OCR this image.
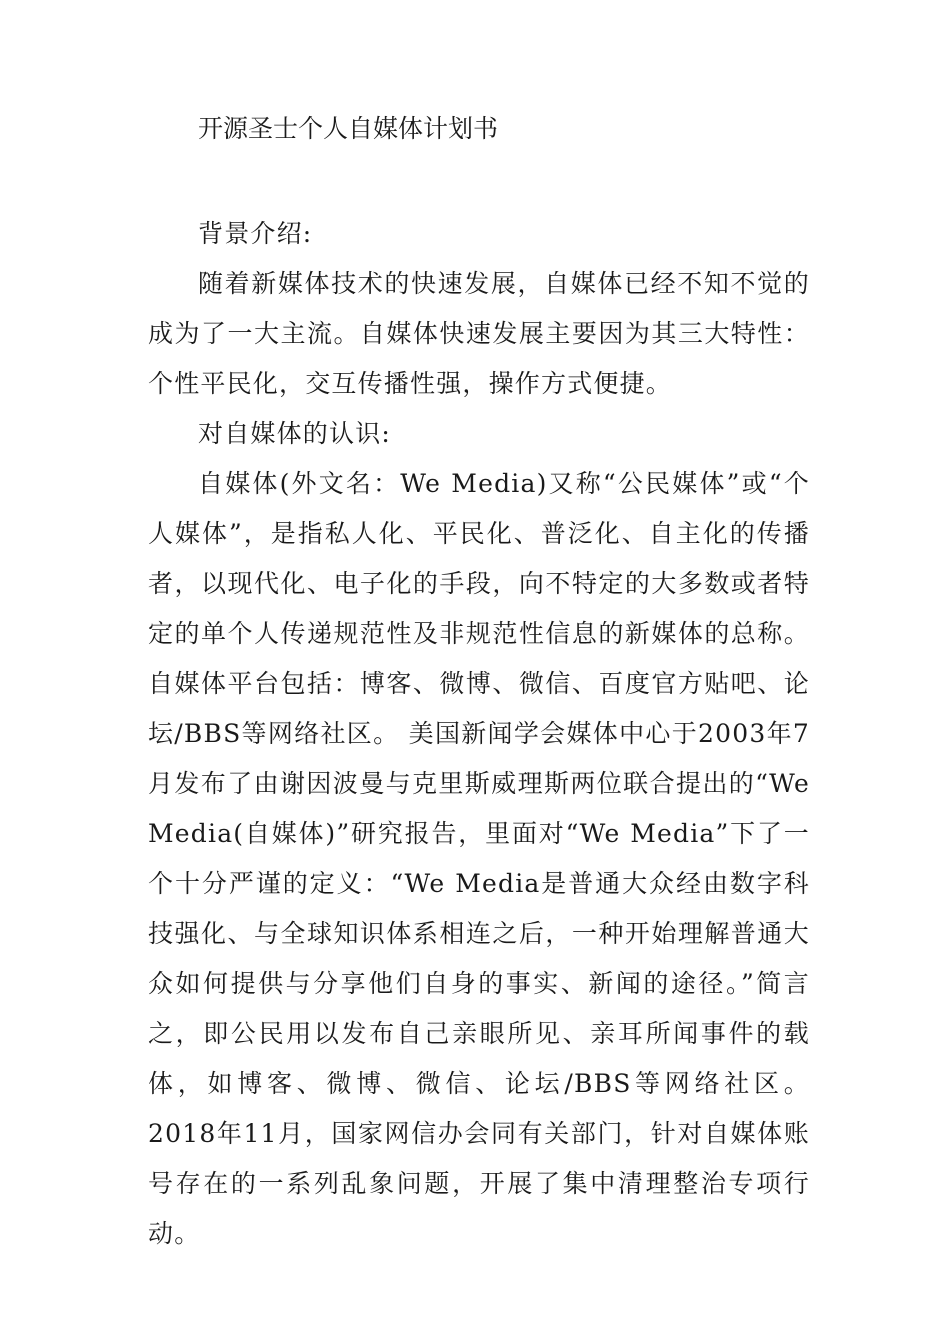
开源圣士个人自媒体计划书

背景介绍:

随着新媒体技术的快速发展，自媒体已经不知不觉的成为了一大主流。自媒体快速发展主要因为其三大特性：个性平民化，交互传播性强，操作方式便捷。

对自媒体的认识:

自媒体(外文名：We Media)又称“公民媒体”或“个人媒体”，是指私人化、平民化、普泛化、自主化的传播者，以现代化、电子化的手段，向不特定的大多数或者特定的单个人传递规范性及非规范性信息的新媒体的总称。自媒体平台包括：博客、微博、微信、百度官方贴吧、论坛/BBS等网络社区。 美国新闻学会媒体中心于2003年7月发布了由谢因波曼与克里斯威理斯两位联合提出的“We Media(自媒体)”研究报告，里面对“We Media”下了一个十分严谨的定义：“We Media是普通大众经由数字科技强化、与全球知识体系相连之后，一种开始理解普通大众如何提供与分享他们自身的事实、新闻的途径。”简言之，即公民用以发布自己亲眼所见、亲耳所闻事件的载体，如博客、微博、微信、论坛/BBS等网络社区。 2018年11月，国家网信办会同有关部门，针对自媒体账号存在的一系列乱象问题，开展了集中清理整治专项行动。
